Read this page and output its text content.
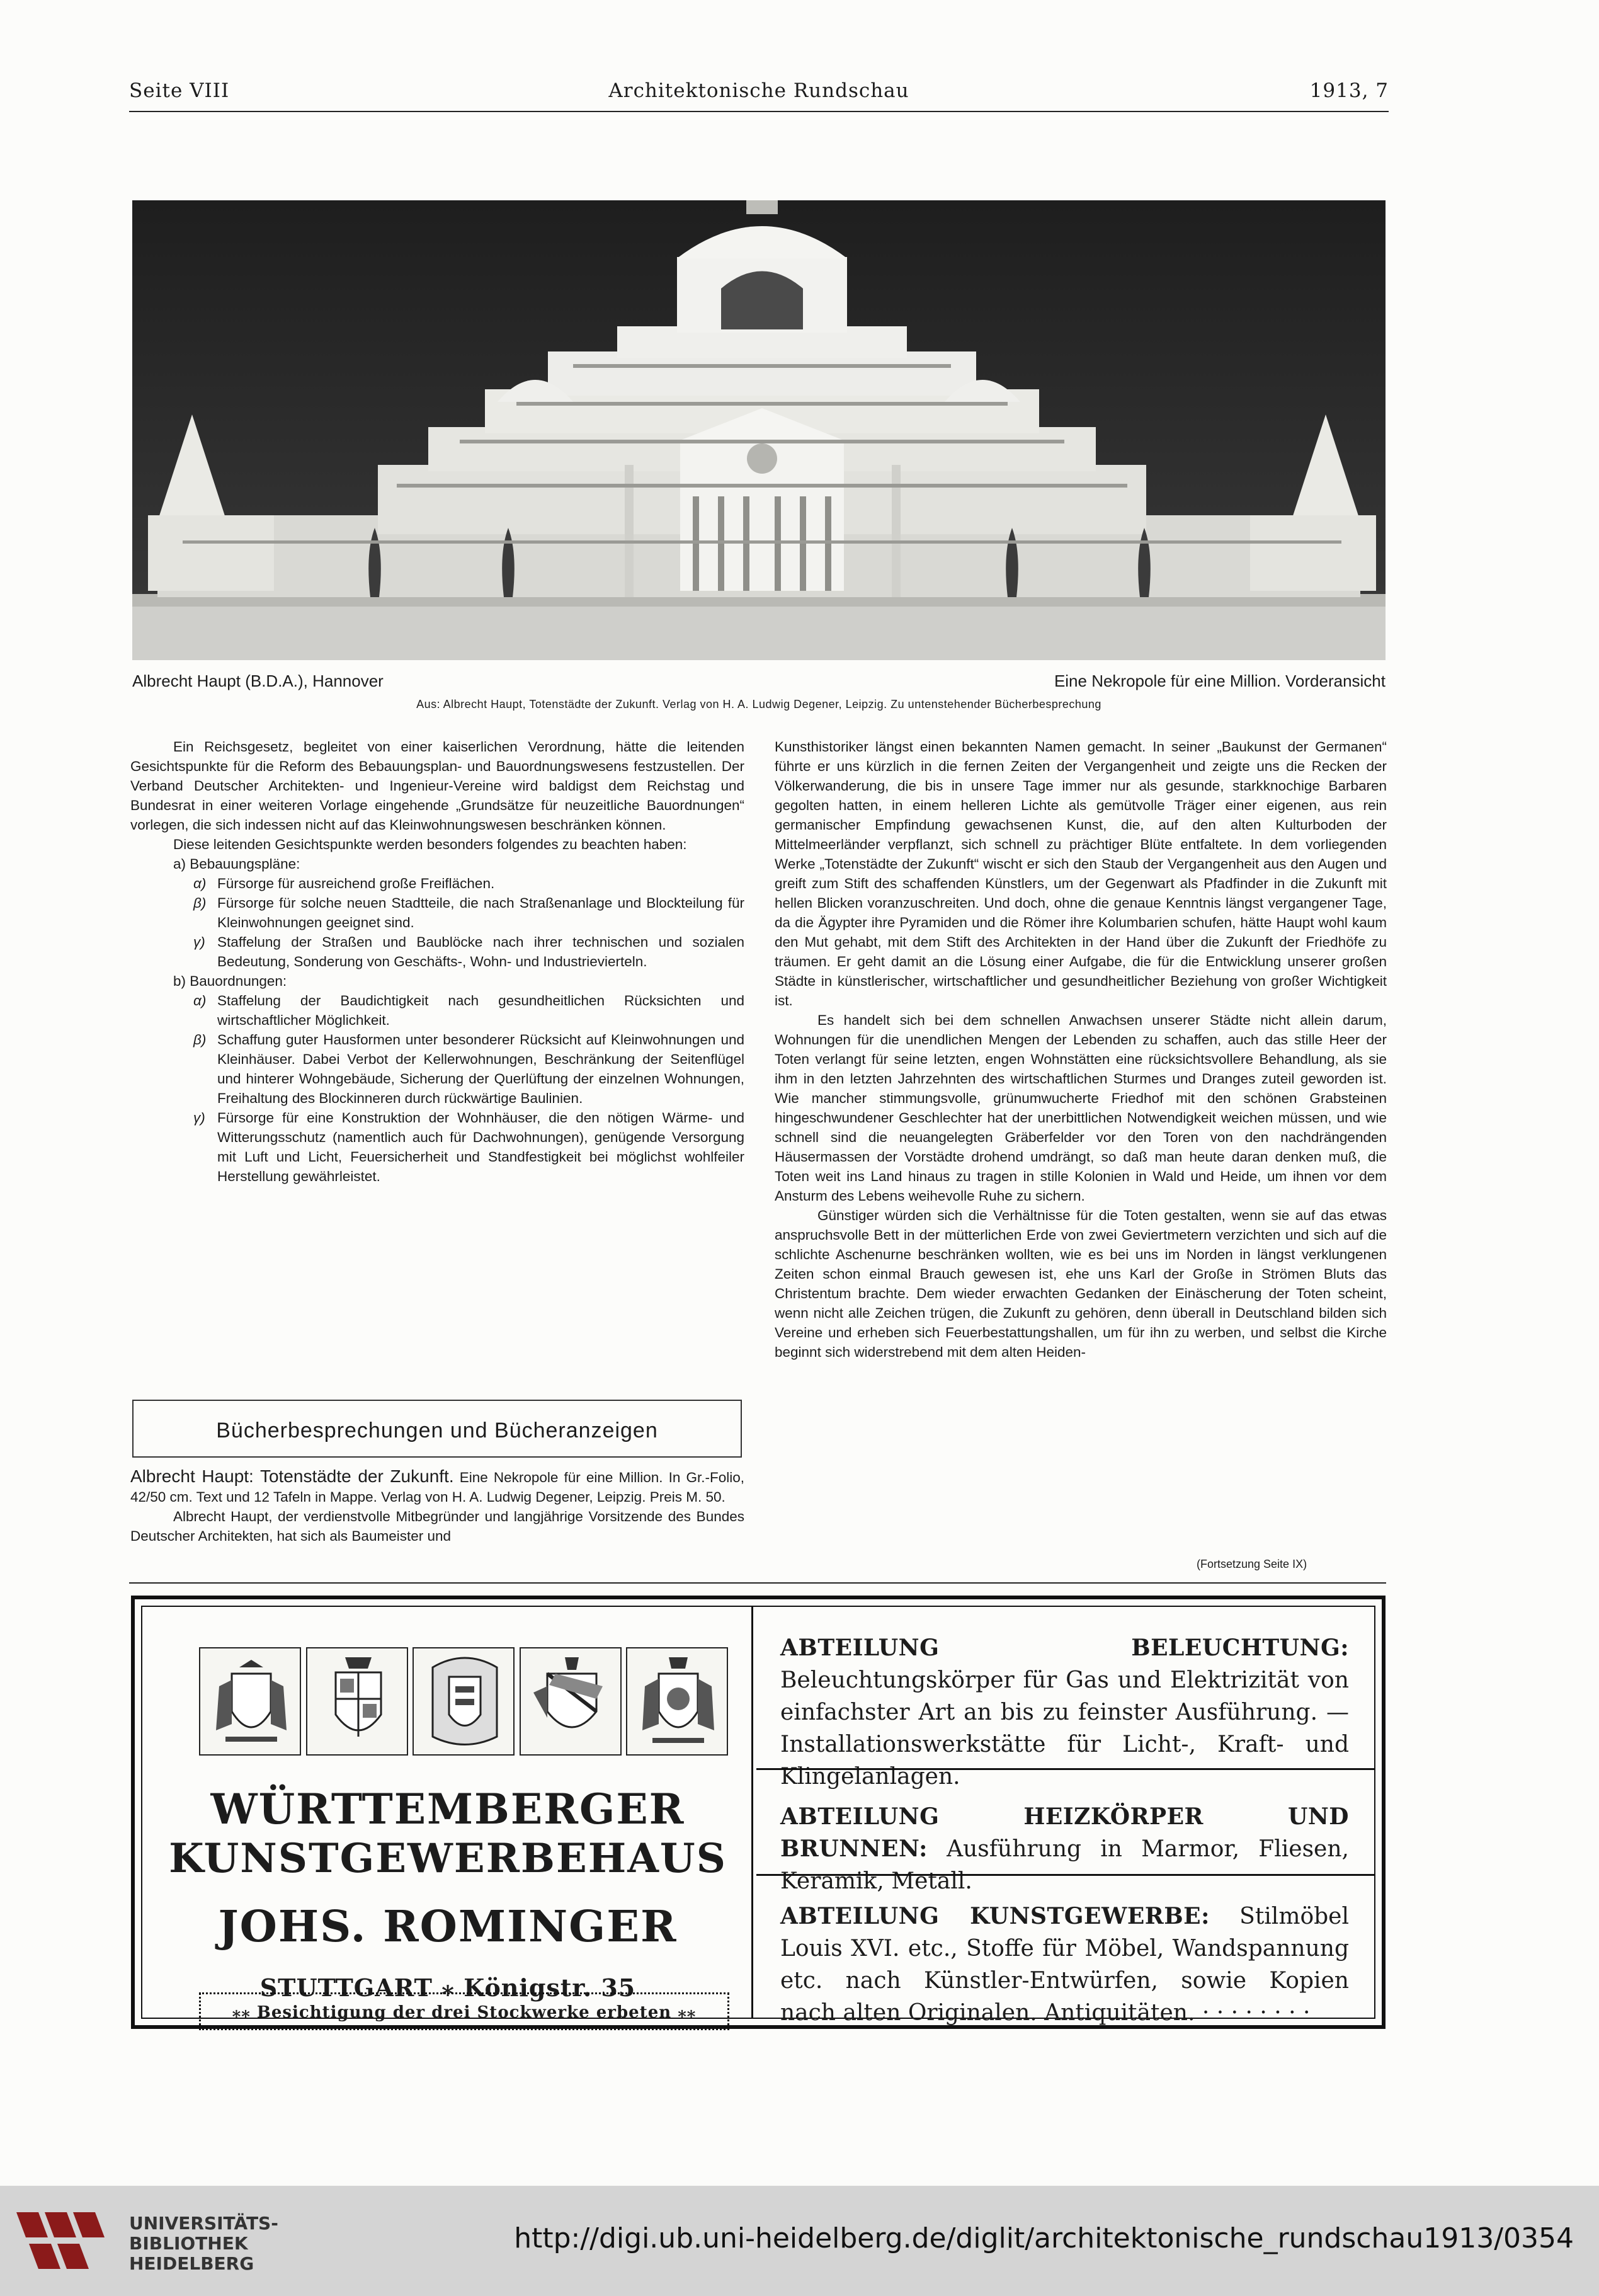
Seite VIII	Architektonische Rundschau	1913, 7
Albrecht Haupt (B.D.A.), Hannover	Eine Nekropole für eine Million. Vorderansicht
Aus: Albrecht Haupt, Totenstädte der Zukunft. Verlag von H. A. Ludwig Degener, Leipzig. Zu untenstehender Bücherbesprechung

Ein Reichsgesetz, begleitet von einer kaiserlichen Verordnung, hätte die leitenden Gesichtspunkte für die Reform des Bebauungsplan- und Bauordnungswesens festzustellen. Der Verband Deutscher Architekten- und Ingenieur-Vereine wird baldigst dem Reichstag und Bundesrat in einer weiteren Vorlage eingehende „Grundsätze für neuzeitliche Bauordnungen“ vorlegen, die sich indessen nicht auf das Kleinwohnungswesen beschränken können.

Diese leitenden Gesichtspunkte werden besonders folgendes zu beachten haben:

a) Bebauungspläne:

α) Fürsorge für ausreichend große Freiflächen.

β) Fürsorge für solche neuen Stadtteile, die nach Straßenanlage und Blockteilung für Kleinwohnungen geeignet sind.

γ) Staffelung der Straßen und Baublöcke nach ihrer technischen und sozialen Bedeutung, Sonderung von Geschäfts-, Wohn- und Industrievierteln.

b) Bauordnungen:

α) Staffelung der Baudichtigkeit nach gesundheitlichen Rücksichten und wirtschaftlicher Möglichkeit.

β) Schaffung guter Hausformen unter besonderer Rücksicht auf Kleinwohnungen und Kleinhäuser. Dabei Verbot der Kellerwohnungen, Beschränkung der Seitenflügel und hinterer Wohngebäude, Sicherung der Querlüftung der einzelnen Wohnungen, Freihaltung des Blockinneren durch rückwärtige Baulinien.

γ) Fürsorge für eine Konstruktion der Wohnhäuser, die den nötigen Wärme- und Witterungsschutz (namentlich auch für Dachwohnungen), genügende Versorgung mit Luft und Licht, Feuersicherheit und Standfestigkeit bei möglichst wohlfeiler Herstellung gewährleistet.

Bücherbesprechungen und Bücheranzeigen
Albrecht Haupt: Totenstädte der Zukunft. Eine Nekropole für eine Million. In Gr.-Folio, 42/50 cm. Text und 12 Tafeln in Mappe. Verlag von H. A. Ludwig Degener, Leipzig. Preis M. 50.

Albrecht Haupt, der verdienstvolle Mitbegründer und langjährige Vorsitzende des Bundes Deutscher Architekten, hat sich als Baumeister und

Kunsthistoriker längst einen bekannten Namen gemacht. In seiner „Baukunst der Germanen“ führte er uns kürzlich in die fernen Zeiten der Vergangenheit und zeigte uns die Recken der Völkerwanderung, die bis in unsere Tage immer nur als gesunde, starkknochige Barbaren gegolten hatten, in einem helleren Lichte als gemütvolle Träger einer eigenen, aus rein germanischer Empfindung gewachsenen Kunst, die, auf den alten Kulturboden der Mittelmeerländer verpflanzt, sich schnell zu prächtiger Blüte entfaltete. In dem vorliegenden Werke „Totenstädte der Zukunft“ wischt er sich den Staub der Vergangenheit aus den Augen und greift zum Stift des schaffenden Künstlers, um der Gegenwart als Pfadfinder in die Zukunft mit hellen Blicken voranzuschreiten. Und doch, ohne die genaue Kenntnis längst vergangener Tage, da die Ägypter ihre Pyramiden und die Römer ihre Kolumbarien schufen, hätte Haupt wohl kaum den Mut gehabt, mit dem Stift des Architekten in der Hand über die Zukunft der Friedhöfe zu träumen. Er geht damit an die Lösung einer Aufgabe, die für die Entwicklung unserer großen Städte in künstlerischer, wirtschaftlicher und gesundheitlicher Beziehung von großer Wichtigkeit ist.

Es handelt sich bei dem schnellen Anwachsen unserer Städte nicht allein darum, Wohnungen für die unendlichen Mengen der Lebenden zu schaffen, auch das stille Heer der Toten verlangt für seine letzten, engen Wohnstätten eine rücksichtsvollere Behandlung, als sie ihm in den letzten Jahrzehnten des wirtschaftlichen Sturmes und Dranges zuteil geworden ist. Wie mancher stimmungsvolle, grünumwucherte Friedhof mit den schönen Grabsteinen hingeschwundener Geschlechter hat der unerbittlichen Notwendigkeit weichen müssen, und wie schnell sind die neuangelegten Gräberfelder vor den Toren von den nachdrängenden Häusermassen der Vorstädte drohend umdrängt, so daß man heute daran denken muß, die Toten weit ins Land hinaus zu tragen in stille Kolonien in Wald und Heide, um ihnen vor dem Ansturm des Lebens weihevolle Ruhe zu sichern.

Günstiger würden sich die Verhältnisse für die Toten gestalten, wenn sie auf das etwas anspruchsvolle Bett in der mütterlichen Erde von zwei Geviertmetern verzichten und sich auf die schlichte Aschenurne beschränken wollten, wie es bei uns im Norden in längst verklungenen Zeiten schon einmal Brauch gewesen ist, ehe uns Karl der Große in Strömen Bluts das Christentum brachte. Dem wieder erwachten Gedanken der Einäscherung der Toten scheint, wenn nicht alle Zeichen trügen, die Zukunft zu gehören, denn überall in Deutschland bilden sich Vereine und erheben sich Feuerbestattungshallen, um für ihn zu werben, und selbst die Kirche beginnt sich widerstrebend mit dem alten Heiden-

(Fortsetzung Seite IX)
WÜRTTEMBERGER
KUNSTGEWERBEHAUS
JOHS. ROMINGER
STUTTGART ⁎ Königstr. 35
⁎⁎ Besichtigung der drei Stockwerke erbeten ⁎⁎
ABTEILUNG BELEUCHTUNG: Beleuchtungskörper für Gas und Elektrizität von einfachster Art an bis zu feinster Ausführung. — Installationswerkstätte für Licht-, Kraft- und Klingelanlagen.
ABTEILUNG HEIZKÖRPER UND BRUNNEN: Ausführung in Marmor, Fliesen, Keramik, Metall.
ABTEILUNG KUNSTGEWERBE: Stilmöbel Louis XVI. etc., Stoffe für Möbel, Wandspannung etc. nach Künstler-Entwürfen, sowie Kopien nach alten Originalen. Antiquitäten. · · · · · · · ·
UNIVERSITÄTS-
BIBLIOTHEK
HEIDELBERG
http://digi.ub.uni-heidelberg.de/diglit/architektonische_rundschau1913/0354
